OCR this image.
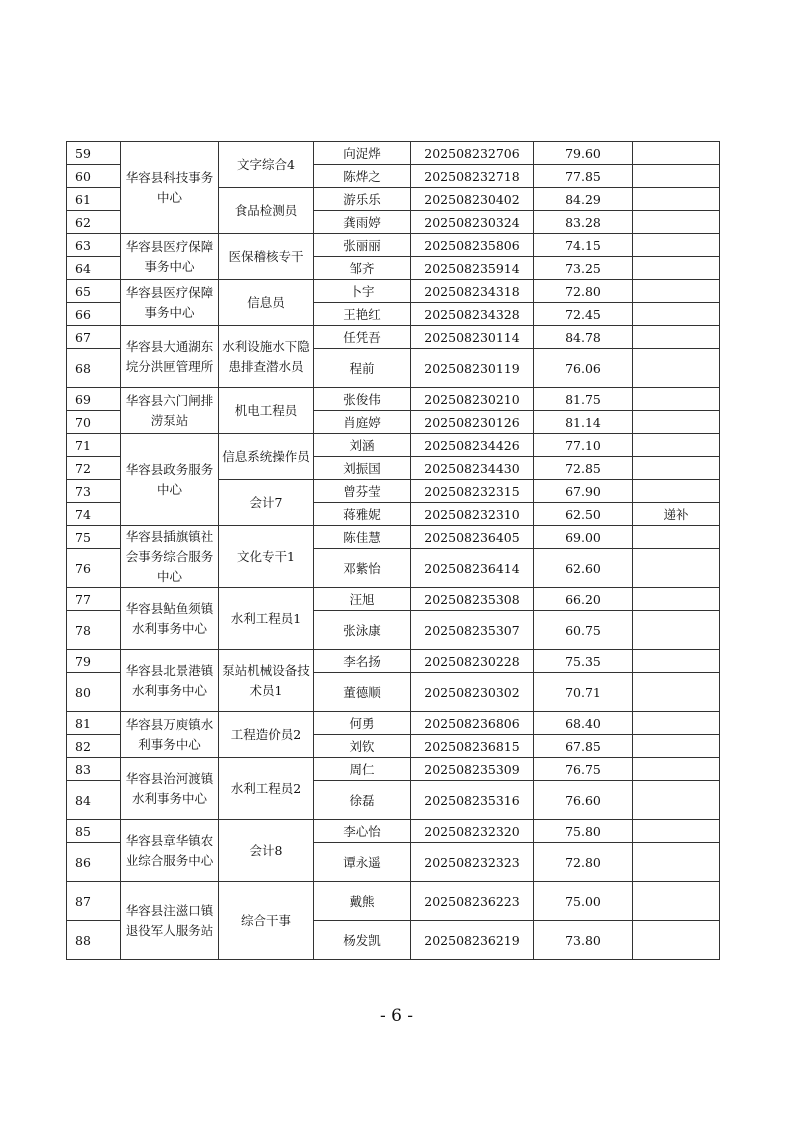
59	华容县科技事务中心	文字综合4	向浞烨	202508232706	79.60	
60			陈烨之	202508232718	77.85	
61		食品检测员	游乐乐	202508230402	84.29	
62			龚雨婷	202508230324	83.28	
63	华容县医疗保障事务中心	医保稽核专干	张丽丽	202508235806	74.15	
64			邹齐	202508235914	73.25	
65	华容县医疗保障事务中心	信息员	卜宇	202508234318	72.80	
66			王艳红	202508234328	72.45	
67	华容县大通湖东垸分洪匣管理所	水利设施水下隐患排查潜水员	任凭吾	202508230114	84.78	
68			程前	202508230119	76.06	
69	华容县六门闸排涝泵站	机电工程员	张俊伟	202508230210	81.75	
70			肖庭婷	202508230126	81.14	
71	华容县政务服务中心	信息系统操作员	刘涵	202508234426	77.10	
72			刘振国	202508234430	72.85	
73		会计7	曾芬莹	202508232315	67.90	
74			蒋雅妮	202508232310	62.50	递补
75	华容县插旗镇社会事务综合服务中心	文化专干1	陈佳慧	202508236405	69.00	
76			邓紫怡	202508236414	62.60	
77	华容县鲇鱼须镇水利事务中心	水利工程员1	汪旭	202508235308	66.20	
78			张泳康	202508235307	60.75	
79	华容县北景港镇水利事务中心	泵站机械设备技术员1	李名扬	202508230228	75.35	
80			董德顺	202508230302	70.71	
81	华容县万庾镇水利事务中心	工程造价员2	何勇	202508236806	68.40	
82			刘钦	202508236815	67.85	
83	华容县治河渡镇水利事务中心	水利工程员2	周仁	202508235309	76.75	
84			徐磊	202508235316	76.60	
85	华容县章华镇农业综合服务中心	会计8	李心怡	202508232320	75.80	
86			谭永遥	202508232323	72.80	
87	华容县注滋口镇退役军人服务站	综合干事	戴熊	202508236223	75.00	
88			杨发凯	202508236219	73.80	
- 6 -
